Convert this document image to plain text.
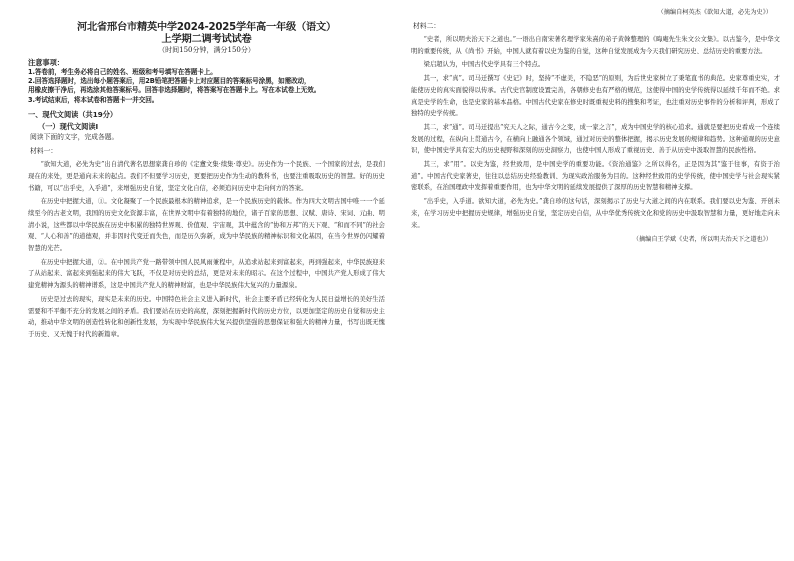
河北省邢台市精英中学2024-2025学年高一年级（语文）
上学期二调考试试卷
（时间150分钟，满分150分）
注意事项：
1.答卷前，考生务必将自己的姓名、班级和考号填写在答题卡上。
2.回答选择题时，选出每小题答案后，用2B铅笔把答题卡上对应题目的答案标号涂黑，如需改动，
用橡皮擦干净后，再选涂其他答案标号。回答非选择题时，将答案写在答题卡上。写在本试卷上无效。
3.考试结束后，将本试卷和答题卡一并交回。
一、现代文阅读（共19分）
（一）现代文阅读I
阅读下面的文字，完成各题。
材料一：

“欲知大道，必先为史”出自清代著名思想家龚自珍的《定盦文集·续集·尊史》。历史作为一个民族、一个国家的过去，是我们现在的来处，更是通向未来的起点。我们不但要学习历史，更要把历史作为生动的教科书，也要注重吸取历史的智慧。好的历史书籍，可以“出乎史，入乎道”，来增强历史自觉，坚定文化自信，必须追问历史中走向何方的答案。

在历史中把握大道，①。文化凝聚了一个民族最根本的精神追求，是一个民族历史的载体。作为四大文明古国中唯一一个延续至今的古老文明，我国的历史文化资源丰富，在世界文明中有着独特的地位，诸子百家的思想、汉赋、唐诗、宋词、元曲、明清小说，这些都以中华民族在历史中积累的独特世界观、价值观、宇宙观，其中蕴含的“协和万邦”的天下观、“和而不同”的社会观、“人心和善”的道德观，并非因时代变迁而失色，而是历久弥新，成为中华民族的精神标识和文化基因，在当今世界仍闪耀着智慧的光芒。

在历史中把握大道，②。在中国共产党一路带领中国人民风雨兼程中，从追求站起来到富起来，再到强起来，中华民族迎来了从站起来、富起来到强起来的伟大飞跃，不仅是对历史的总结，更是对未来的昭示。在这个过程中，中国共产党人形成了伟大建党精神为源头的精神谱系，这是中国共产党人的精神财富，也是中华民族伟大复兴的力量源泉。

历史是过去的现实，现实是未来的历史。中国特色社会主义进入新时代，社会主要矛盾已经转化为人民日益增长的美好生活需要和不平衡不充分的发展之间的矛盾。我们要站在历史的高度，深刻把握新时代的历史方位，以更加坚定的历史自觉和历史主动，推动中华文明的创造性转化和创新性发展，为实现中华民族伟大复兴提供坚强的思想保证和强大的精神力量，书写出既无愧于历史、又无愧于时代的新篇章。

（摘编自柯英杰《欲知大道，必先为史》）
材料二：

“史者，所以明夫治天下之道也。”一语出自南宋著名理学家朱熹的弟子黄榦整理的《晦庵先生朱文公文集》。以古鉴今，是中华文明的重要传统，从《尚书》开始，中国人就有着以史为鉴的自觉，这种自觉发展成为今天我们研究历史、总结历史的重要方法。

梁启超认为，中国古代史学具有三个特点。

其一，求“真”。司马迁撰写《史记》时，坚持“不虚美，不隐恶”的原则，为后世史家树立了秉笔直书的典范。史家尊重史实，才能使历史的真实面貌得以传承。古代史官制度设置完善，各朝修史也有严格的规范，这使得中国的史学传统得以延续千年而不绝。求真是史学的生命，也是史家的基本品格。中国古代史家在修史时既重视史料的搜集和考证，也注重对历史事件的分析和评判，形成了独特的史学传统。

其二，求“通”。司马迁提出“究天人之际，通古今之变，成一家之言”，成为中国史学的核心追求。通就是要把历史看成一个连续发展的过程，在纵向上贯通古今，在横向上融通各个领域，通过对历史的整体把握，揭示历史发展的规律和趋势。这种通观的历史意识，使中国史学具有宏大的历史视野和深刻的历史洞察力，也使中国人形成了重视历史、善于从历史中汲取智慧的民族性格。

其三，求“用”。以史为鉴，经世致用，是中国史学的重要功能。《资治通鉴》之所以得名，正是因为其“鉴于往事，有资于治道”。中国古代史家著史，往往以总结历史经验教训、为现实政治服务为目的。这种经世致用的史学传统，使中国史学与社会现实紧密联系，在治国理政中发挥着重要作用，也为中华文明的延续发展提供了深厚的历史智慧和精神支撑。

“出乎史，入乎道。欲知大道，必先为史。”龚自珍的这句话，深刻揭示了历史与大道之间的内在联系。我们要以史为鉴、开创未来，在学习历史中把握历史规律，增强历史自觉，坚定历史自信，从中华优秀传统文化和党的历史中汲取智慧和力量，更好地走向未来。

（摘编自王学斌《史者，所以明夫治天下之道也》）
